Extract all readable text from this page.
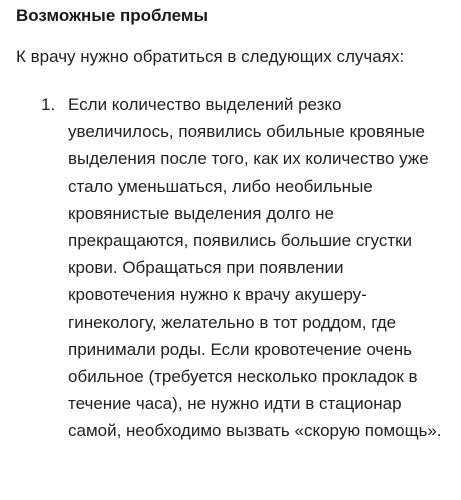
Возможные проблемы

К врачу нужно обратиться в следующих случаях:

1. Если количество выделений резко увеличилось, появились обильные кровяные выделения после того, как их количество уже стало уменьшаться, либо необильные кровянистые выделения долго не прекращаются, появились большие сгустки крови. Обращаться при появлении кровотечения нужно к врачу акушеру-гинекологу, желательно в тот роддом, где принимали роды. Если кровотечение очень обильное (требуется несколько прокладок в течение часа), не нужно идти в стационар самой, необходимо вызвать «скорую помощь».
